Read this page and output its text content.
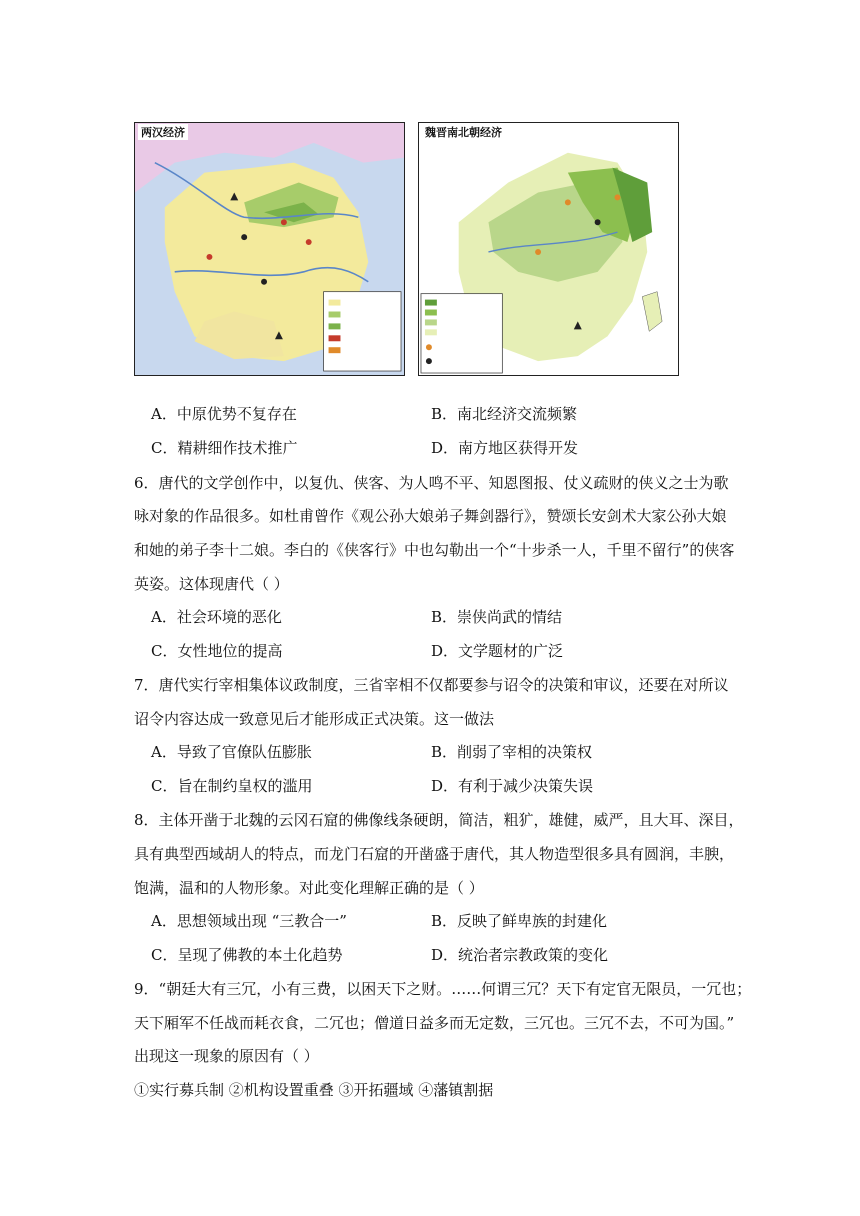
两汉经济	魏晋南北朝经济
A．中原优势不复存在	B．南北经济交流频繁
C．精耕细作技术推广	D．南方地区获得开发
6．唐代的文学创作中，以复仇、侠客、为人鸣不平、知恩图报、仗义疏财的侠义之士为歌
咏对象的作品很多。如杜甫曾作《观公孙大娘弟子舞剑器行》，赞颂长安剑术大家公孙大娘
和她的弟子李十二娘。李白的《侠客行》中也勾勒出一个“十步杀一人，千里不留行”的侠客
英姿。这体现唐代（ ）
A．社会环境的恶化	B．崇侠尚武的情结
C．女性地位的提高	D．文学题材的广泛
7．唐代实行宰相集体议政制度，三省宰相不仅都要参与诏令的决策和审议，还要在对所议
诏令内容达成一致意见后才能形成正式决策。这一做法
A．导致了官僚队伍膨胀	B．削弱了宰相的决策权
C．旨在制约皇权的滥用	D．有利于减少决策失误
8．主体开凿于北魏的云冈石窟的佛像线条硬朗，简洁，粗犷，雄健，威严，且大耳、深目，
具有典型西域胡人的特点，而龙门石窟的开凿盛于唐代，其人物造型很多具有圆润，丰腴，
饱满，温和的人物形象。对此变化理解正确的是（ ）
A．思想领域出现 “三教合一”	B．反映了鲜卑族的封建化
C．呈现了佛教的本土化趋势	D．统治者宗教政策的变化
9．“朝廷大有三冗，小有三费，以困天下之财。……何谓三冗？天下有定官无限员，一冗也；
天下厢军不任战而耗衣食，二冗也；僧道日益多而无定数，三冗也。三冗不去，不可为国。”
出现这一现象的原因有（ ）
①实行募兵制 ②机构设置重叠 ③开拓疆域 ④藩镇割据
